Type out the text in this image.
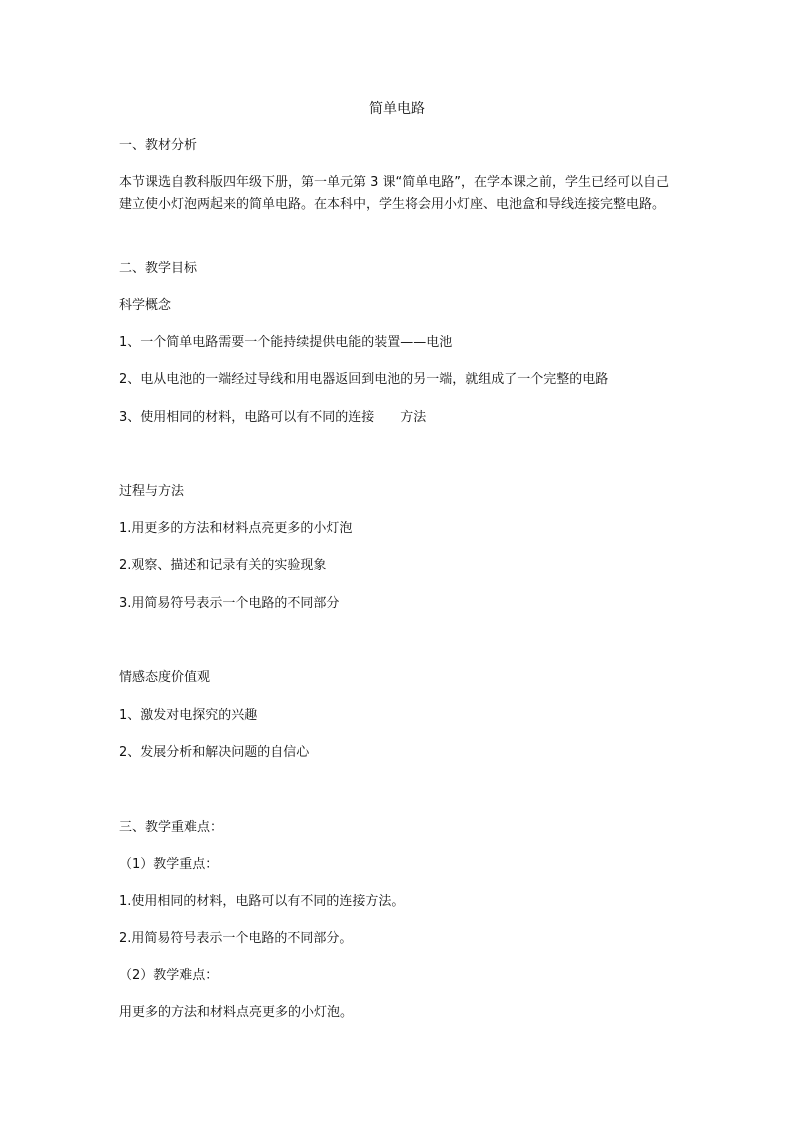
简单电路
一、教材分析
本节课选自教科版四年级下册，第一单元第 3 课“简单电路”，在学本课之前，学生已经可以自己建立使小灯泡两起来的简单电路。在本科中，学生将会用小灯座、电池盒和导线连接完整电路。
二、教学目标
科学概念
1、一个简单电路需要一个能持续提供电能的装置——电池
2、电从电池的一端经过导线和用电器返回到电池的另一端，就组成了一个完整的电路
3、使用相同的材料，电路可以有不同的连接 方法
过程与方法
1.用更多的方法和材料点亮更多的小灯泡
2.观察、描述和记录有关的实验现象
3.用简易符号表示一个电路的不同部分
情感态度价值观
1、激发对电探究的兴趣
2、发展分析和解决问题的自信心
三、教学重难点：
（1）教学重点：
1.使用相同的材料，电路可以有不同的连接方法。
2.用简易符号表示一个电路的不同部分。
（2）教学难点：
用更多的方法和材料点亮更多的小灯泡。
